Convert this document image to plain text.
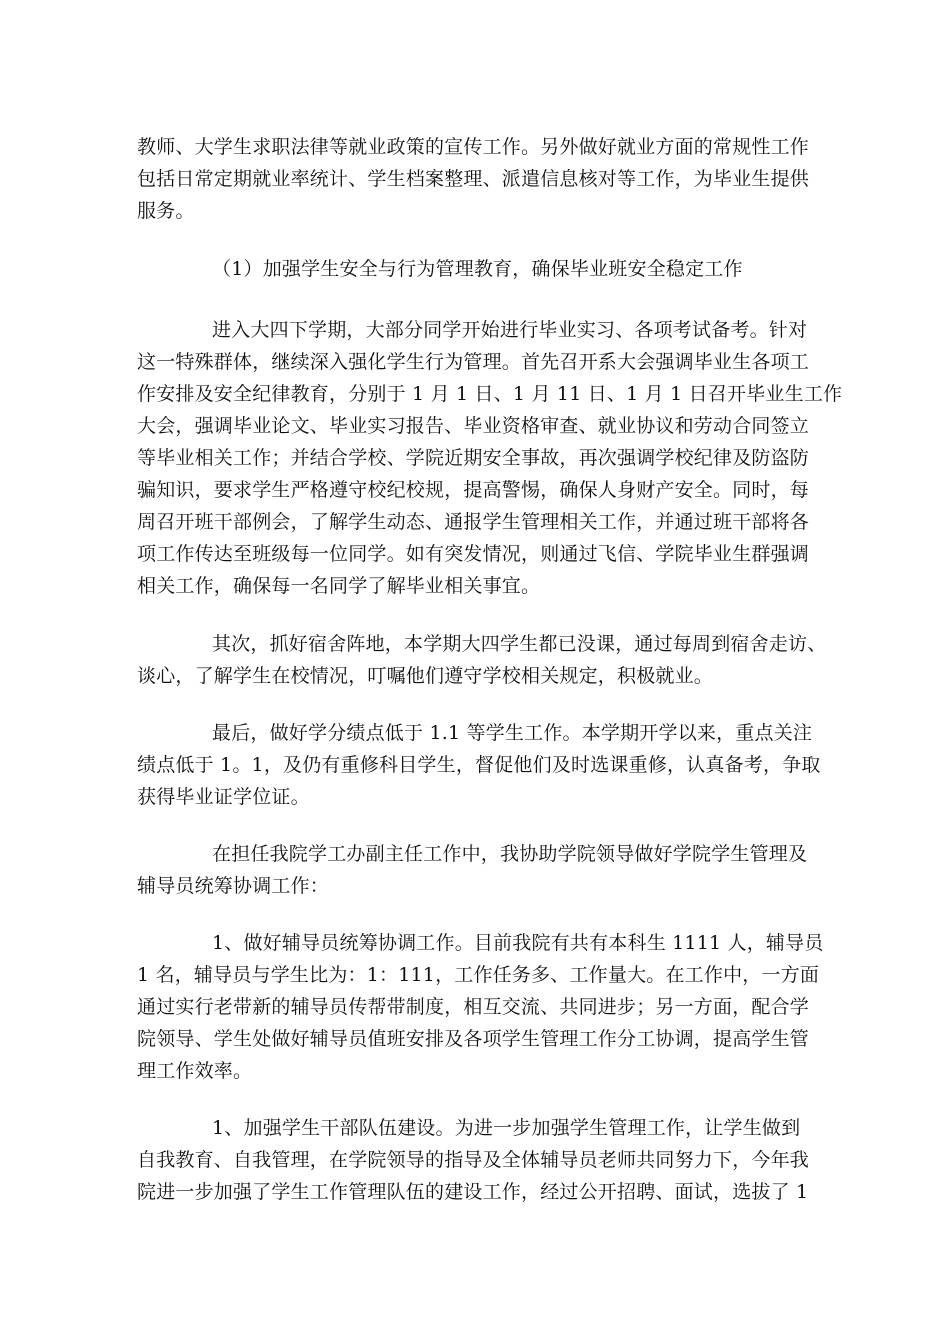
教师、大学生求职法律等就业政策的宣传工作。另外做好就业方面的常规性工作
包括日常定期就业率统计、学生档案整理、派遣信息核对等工作，为毕业生提供
服务。
（1）加强学生安全与行为管理教育，确保毕业班安全稳定工作
进入大四下学期，大部分同学开始进行毕业实习、各项考试备考。针对
这一特殊群体，继续深入强化学生行为管理。首先召开系大会强调毕业生各项工
作安排及安全纪律教育，分别于 1 月 1 日、1 月 11 日、1 月 1 日召开毕业生工作
大会，强调毕业论文、毕业实习报告、毕业资格审查、就业协议和劳动合同签立
等毕业相关工作；并结合学校、学院近期安全事故，再次强调学校纪律及防盗防
骗知识，要求学生严格遵守校纪校规，提高警惕，确保人身财产安全。同时，每
周召开班干部例会，了解学生动态、通报学生管理相关工作，并通过班干部将各
项工作传达至班级每一位同学。如有突发情况，则通过飞信、学院毕业生群强调
相关工作，确保每一名同学了解毕业相关事宜。
其次，抓好宿舍阵地，本学期大四学生都已没课，通过每周到宿舍走访、
谈心，了解学生在校情况，叮嘱他们遵守学校相关规定，积极就业。
最后，做好学分绩点低于 1.1 等学生工作。本学期开学以来，重点关注
绩点低于 1。1，及仍有重修科目学生，督促他们及时选课重修，认真备考，争取
获得毕业证学位证。
在担任我院学工办副主任工作中，我协助学院领导做好学院学生管理及
辅导员统筹协调工作：
1、做好辅导员统筹协调工作。目前我院有共有本科生 1111 人，辅导员
1 名，辅导员与学生比为：1：111，工作任务多、工作量大。在工作中，一方面
通过实行老带新的辅导员传帮带制度，相互交流、共同进步；另一方面，配合学
院领导、学生处做好辅导员值班安排及各项学生管理工作分工协调，提高学生管
理工作效率。
1、加强学生干部队伍建设。为进一步加强学生管理工作，让学生做到
自我教育、自我管理，在学院领导的指导及全体辅导员老师共同努力下，今年我
院进一步加强了学生工作管理队伍的建设工作，经过公开招聘、面试，选拔了 1
